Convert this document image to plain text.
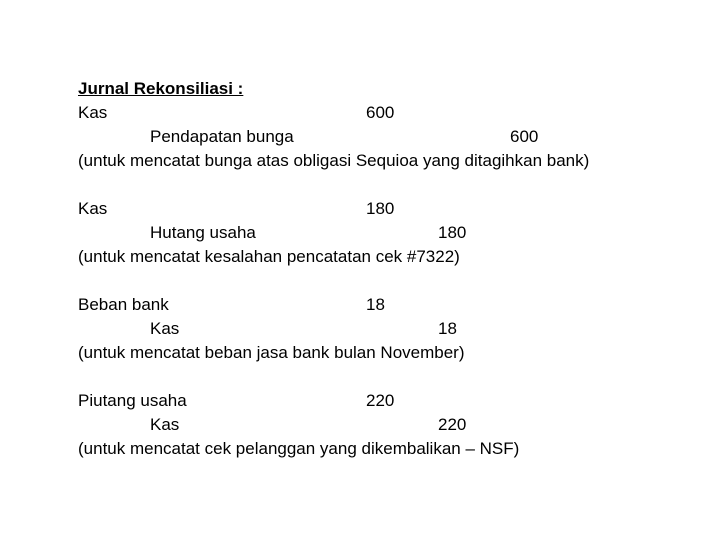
Jurnal Rekonsiliasi :
Kas	600
Pendapatan bunga	600
(untuk mencatat bunga atas obligasi Sequioa yang ditagihkan bank)
Kas	180
Hutang usaha	180
(untuk mencatat kesalahan pencatatan cek #7322)
Beban bank	18
Kas	18
(untuk mencatat beban jasa bank bulan November)
Piutang usaha	220
Kas	220
(untuk mencatat cek pelanggan yang dikembalikan – NSF)
